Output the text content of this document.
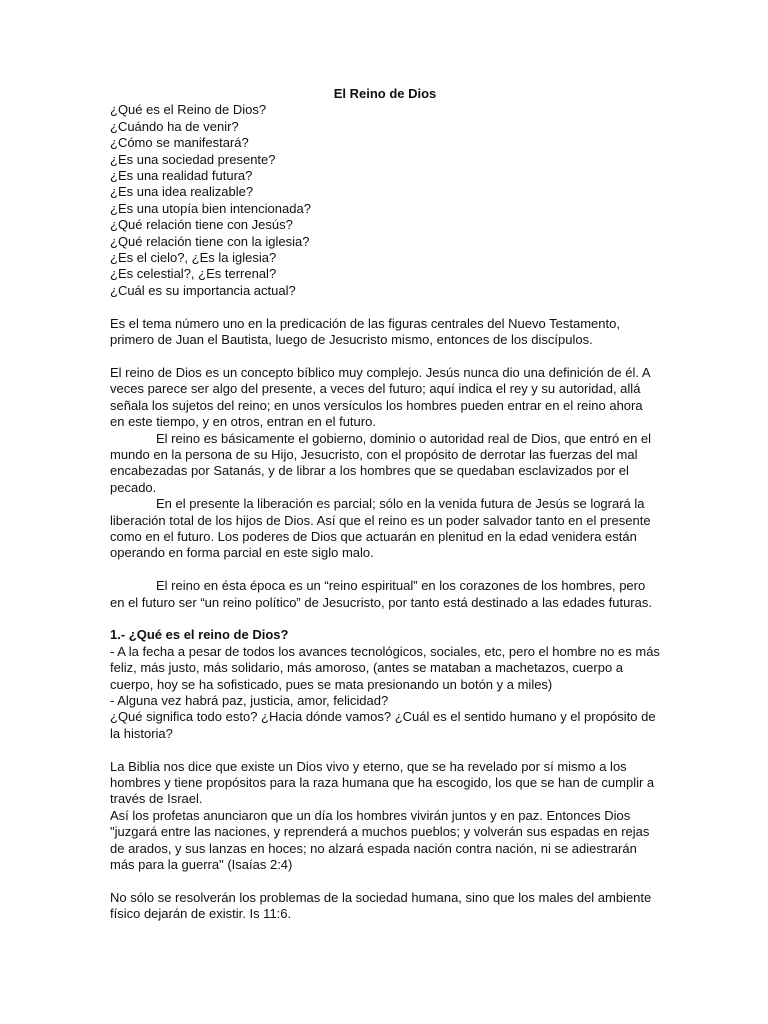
El Reino de Dios

¿Qué es el Reino de Dios?
¿Cuándo ha de venir?
¿Cómo se manifestará?
¿Es una sociedad presente?
¿Es una realidad futura?
¿Es una idea realizable?
¿Es una utopía bien intencionada?
¿Qué relación tiene con Jesús?
¿Qué relación tiene con la iglesia?
¿Es el cielo?, ¿Es la iglesia?
¿Es celestial?, ¿Es terrenal?
¿Cuál es su importancia actual?

Es el tema número uno en la predicación de las figuras centrales del Nuevo Testamento, primero de Juan el Bautista, luego de Jesucristo mismo, entonces de los discípulos.

El reino de Dios es un concepto bíblico muy complejo. Jesús nunca dio una definición de él. A veces parece ser algo del presente, a veces del futuro; aquí indica el rey y su autoridad, allá señala los sujetos del reino; en unos versículos los hombres pueden entrar en el reino ahora en este tiempo, y en otros, entran en el futuro.

El reino es básicamente el gobierno, dominio o autoridad real de Dios, que entró en el mundo en la persona de su Hijo, Jesucristo, con el propósito de derrotar las fuerzas del mal encabezadas por Satanás, y de librar a los hombres que se quedaban esclavizados por el pecado.

En el presente la liberación es parcial; sólo en la venida futura de Jesús se logrará la liberación total de los hijos de Dios. Así que el reino es un poder salvador tanto en el presente como en el futuro. Los poderes de Dios que actuarán en plenitud en la edad venidera están operando en forma parcial en este siglo malo.

El reino en ésta época es un “reino espiritual” en los corazones de los hombres, pero en el futuro ser “un reino político” de Jesucristo, por tanto está destinado a las edades futuras.

1.- ¿Qué es el reino de Dios?

- A la fecha a pesar de todos los avances tecnológicos, sociales, etc, pero el hombre no es más feliz, más justo, más solidario, más amoroso, (antes se mataban a machetazos, cuerpo a cuerpo, hoy se ha sofisticado, pues se mata presionando un botón y a miles)

- Alguna vez habrá paz, justicia, amor, felicidad?

¿Qué significa todo esto? ¿Hacia dónde vamos? ¿Cuál es el sentido humano y el propósito de la historia?

La Biblia nos dice que existe un Dios vivo y eterno, que se ha revelado por sí mismo a los hombres y tiene propósitos para la raza humana que ha escogido, los que se han de cumplir a través de Israel.

Así los profetas anunciaron que un día los hombres vivirán juntos y en paz. Entonces Dios "juzgará entre las naciones, y reprenderá a muchos pueblos; y volverán sus espadas en rejas de arados, y sus lanzas en hoces; no alzará espada nación contra nación, ni se adiestrarán más para la guerra" (Isaías 2:4)

No sólo se resolverán los problemas de la sociedad humana, sino que los males del ambiente físico dejarán de existir. Is 11:6.
